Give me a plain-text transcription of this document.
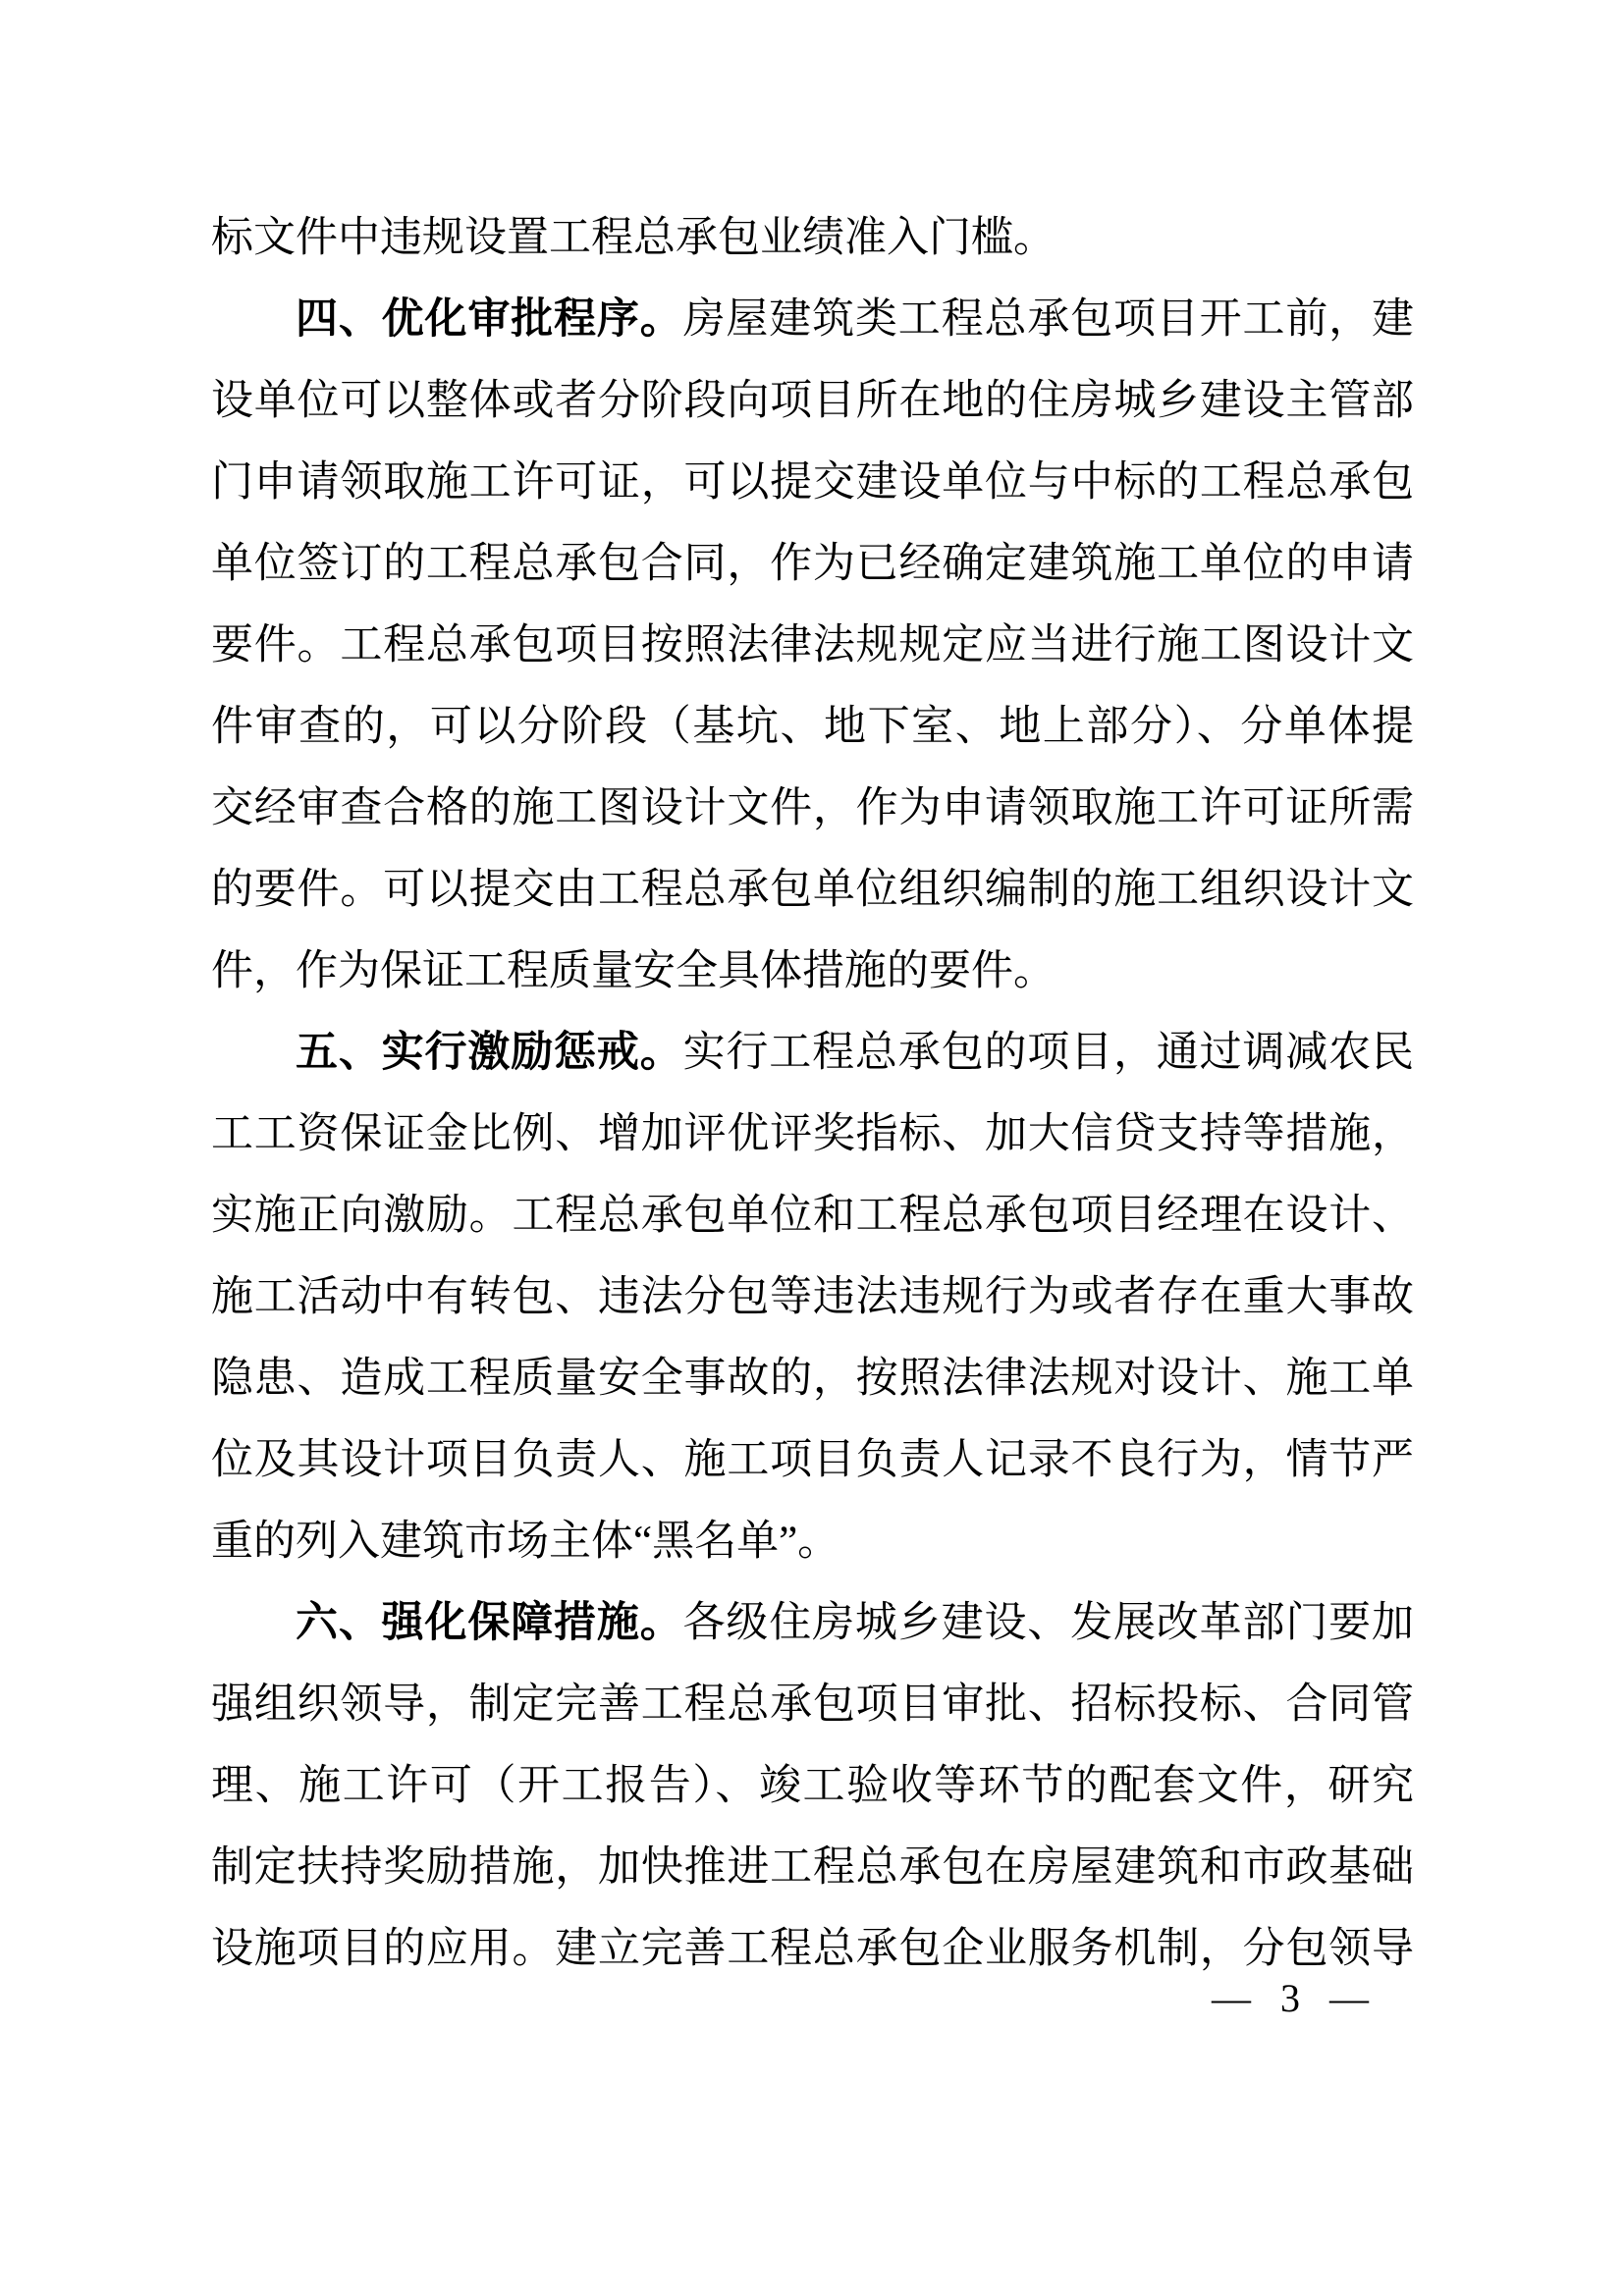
标文件中违规设置工程总承包业绩准入门槛。
四、优化审批程序。房屋建筑类工程总承包项目开工前，建
设单位可以整体或者分阶段向项目所在地的住房城乡建设主管部
门申请领取施工许可证，可以提交建设单位与中标的工程总承包
单位签订的工程总承包合同，作为已经确定建筑施工单位的申请
要件。工程总承包项目按照法律法规规定应当进行施工图设计文
件审查的，可以分阶段（基坑、地下室、地上部分）、分单体提
交经审查合格的施工图设计文件，作为申请领取施工许可证所需
的要件。可以提交由工程总承包单位组织编制的施工组织设计文
件，作为保证工程质量安全具体措施的要件。
五、实行激励惩戒。实行工程总承包的项目，通过调减农民
工工资保证金比例、增加评优评奖指标、加大信贷支持等措施，
实施正向激励。工程总承包单位和工程总承包项目经理在设计、
施工活动中有转包、违法分包等违法违规行为或者存在重大事故
隐患、造成工程质量安全事故的，按照法律法规对设计、施工单
位及其设计项目负责人、施工项目负责人记录不良行为，情节严
重的列入建筑市场主体“黑名单”。
六、强化保障措施。各级住房城乡建设、发展改革部门要加
强组织领导，制定完善工程总承包项目审批、招标投标、合同管
理、施工许可（开工报告）、竣工验收等环节的配套文件，研究
制定扶持奖励措施，加快推进工程总承包在房屋建筑和市政基础
设施项目的应用。建立完善工程总承包企业服务机制，分包领导
— 3 —
